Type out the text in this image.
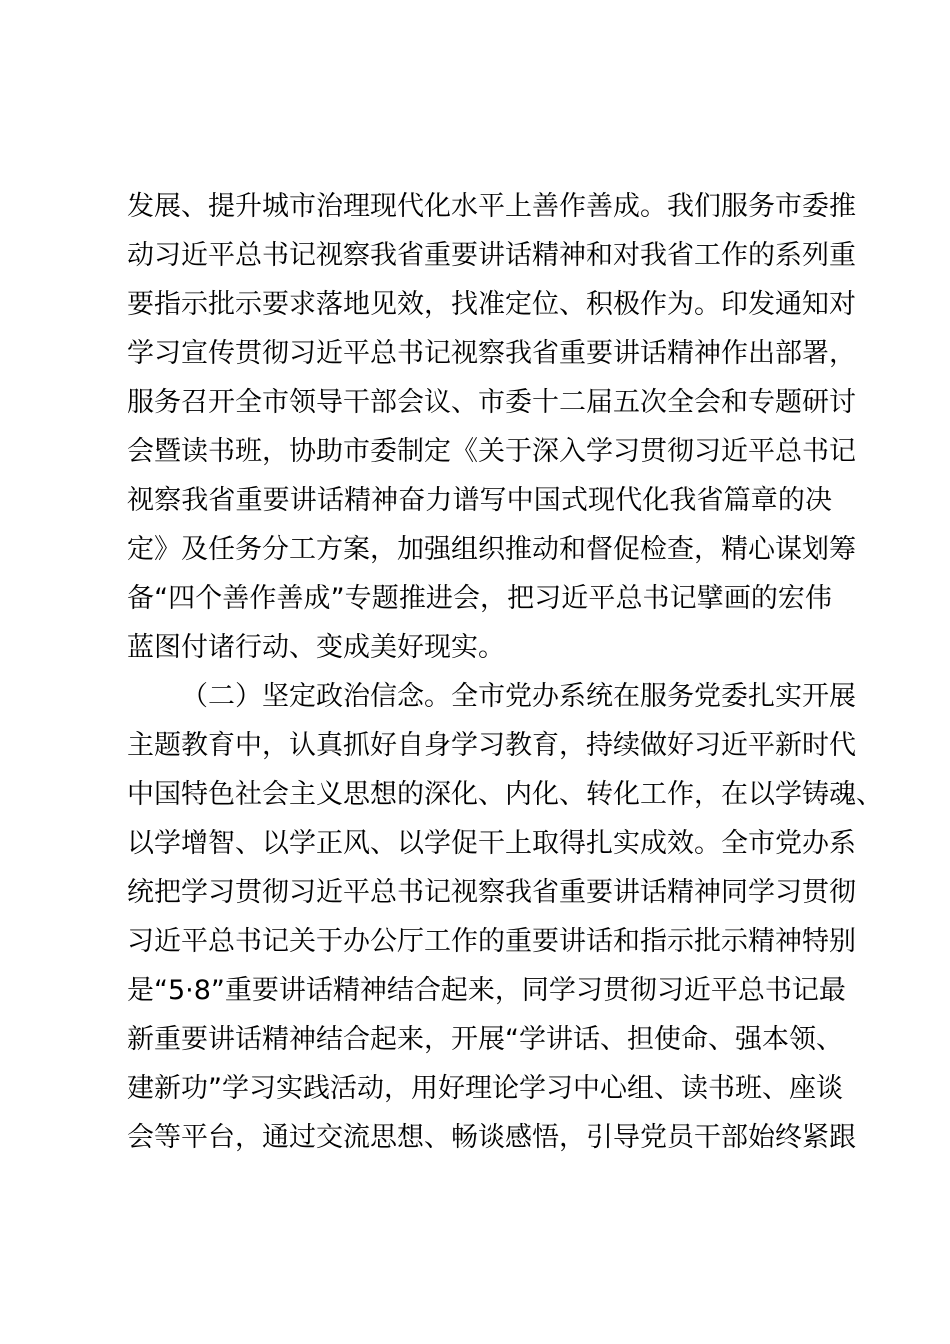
发展、提升城市治理现代化水平上善作善成。我们服务市委推
动习近平总书记视察我省重要讲话精神和对我省工作的系列重
要指示批示要求落地见效，找准定位、积极作为。印发通知对
学习宣传贯彻习近平总书记视察我省重要讲话精神作出部署，
服务召开全市领导干部会议、市委十二届五次全会和专题研讨
会暨读书班，协助市委制定《关于深入学习贯彻习近平总书记
视察我省重要讲话精神奋力谱写中国式现代化我省篇章的决
定》及任务分工方案，加强组织推动和督促检查，精心谋划筹
备“四个善作善成”专题推进会，把习近平总书记擘画的宏伟
蓝图付诸行动、变成美好现实。
（二）坚定政治信念。全市党办系统在服务党委扎实开展
主题教育中，认真抓好自身学习教育，持续做好习近平新时代
中国特色社会主义思想的深化、内化、转化工作，在以学铸魂、
以学增智、以学正风、以学促干上取得扎实成效。全市党办系
统把学习贯彻习近平总书记视察我省重要讲话精神同学习贯彻
习近平总书记关于办公厅工作的重要讲话和指示批示精神特别
是“5·8”重要讲话精神结合起来，同学习贯彻习近平总书记最
新重要讲话精神结合起来，开展“学讲话、担使命、强本领、
建新功”学习实践活动，用好理论学习中心组、读书班、座谈
会等平台，通过交流思想、畅谈感悟，引导党员干部始终紧跟
